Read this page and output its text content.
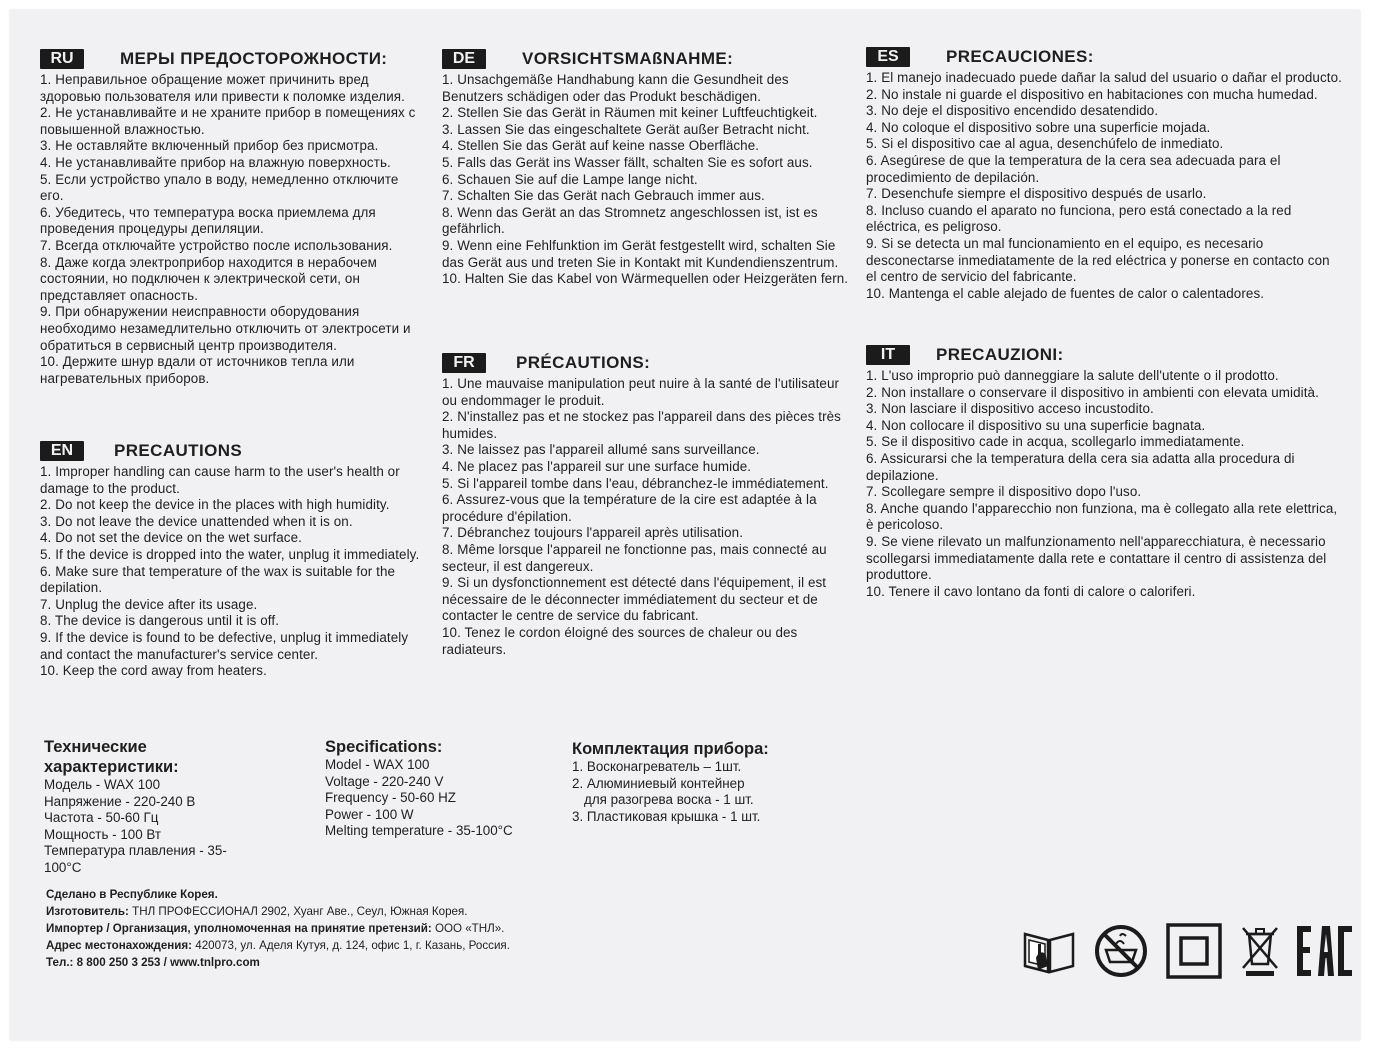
RU	МЕРЫ ПРЕДОСТОРОЖНОСТИ:
1. Неправильное обращение может причинить вред здоровью пользователя или привести к поломке изделия.
2. Не устанавливайте и не храните прибор в помещениях с повышенной влажностью.
3. Не оставляйте включенный прибор без присмотра.
4. Не устанавливайте прибор на влажную поверхность.
5. Если устройство упало в воду, немедленно отключите его.
6. Убедитесь, что температура воска приемлема для проведения процедуры депиляции.
7. Всегда отключайте устройство после использования.
8. Даже когда электроприбор находится в нерабочем состоянии, но подключен к электрической сети, он представляет опасность.
9. При обнаружении неисправности оборудования необходимо незамедлительно отключить от электросети и обратиться в сервисный центр производителя.
10. Держите шнур вдали от источников тепла или нагревательных приборов.
EN	PRECAUTIONS
1. Improper handling can cause harm to the user's health or damage to the product.
2. Do not keep the device in the places with high humidity.
3. Do not leave the device unattended when it is on.
4. Do not set the device on the wet surface.
5. If the device is dropped into the water, unplug it immediately.
6. Make sure that temperature of the wax is suitable for the depilation.
7. Unplug the device after its usage.
8. The device is dangerous until it is off.
9. If the device is found to be defective, unplug it immediately and contact the manufacturer's service center.
10. Keep the cord away from heaters.
DE	VORSICHTSMAßNAHME:
1. Unsachgemäße Handhabung kann die Gesundheit des Benutzers schädigen oder das Produkt beschädigen.
2. Stellen Sie das Gerät in Räumen mit keiner Luftfeuchtigkeit.
3. Lassen Sie das eingeschaltete Gerät außer Betracht nicht.
4. Stellen Sie das Gerät auf keine nasse Oberfläche.
5. Falls das Gerät ins Wasser fällt, schalten Sie es sofort aus.
6. Schauen Sie auf die Lampe lange nicht.
7. Schalten Sie das Gerät nach Gebrauch immer aus.
8. Wenn das Gerät an das Stromnetz angeschlossen ist, ist es gefährlich.
9. Wenn eine Fehlfunktion im Gerät festgestellt wird, schalten Sie das Gerät aus und treten Sie in Kontakt mit Kundendienszentrum.
10. Halten Sie das Kabel von Wärmequellen oder Heizgeräten fern.
FR	PRÉCAUTIONS:
1. Une mauvaise manipulation peut nuire à la santé de l'utilisateur ou endommager le produit.
2. N'installez pas et ne stockez pas l'appareil dans des pièces très humides.
3. Ne laissez pas l'appareil allumé sans surveillance.
4. Ne placez pas l'appareil sur une surface humide.
5. Si l'appareil tombe dans l'eau, débranchez-le immédiatement.
6. Assurez-vous que la température de la cire est adaptée à la procédure d'épilation.
7. Débranchez toujours l'appareil après utilisation.
8. Même lorsque l'appareil ne fonctionne pas, mais connecté au secteur, il est dangereux.
9. Si un dysfonctionnement est détecté dans l'équipement, il est nécessaire de le déconnecter immédiatement du secteur et de contacter le centre de service du fabricant.
10. Tenez le cordon éloigné des sources de chaleur ou des radiateurs.
ES	PRECAUCIONES:
1. El manejo inadecuado puede dañar la salud del usuario o dañar el producto.
2. No instale ni guarde el dispositivo en habitaciones con mucha humedad.
3. No deje el dispositivo encendido desatendido.
4. No coloque el dispositivo sobre una superficie mojada.
5. Si el dispositivo cae al agua, desenchúfelo de inmediato.
6. Asegúrese de que la temperatura de la cera sea adecuada para el procedimiento de depilación.
7. Desenchufe siempre el dispositivo después de usarlo.
8. Incluso cuando el aparato no funciona, pero está conectado a la red eléctrica, es peligroso.
9. Si se detecta un mal funcionamiento en el equipo, es necesario desconectarse inmediatamente de la red eléctrica y ponerse en contacto con el centro de servicio del fabricante.
10. Mantenga el cable alejado de fuentes de calor o calentadores.
IT	PRECAUZIONI:
1. L'uso improprio può danneggiare la salute dell'utente o il prodotto.
2. Non installare o conservare il dispositivo in ambienti con elevata umidità.
3. Non lasciare il dispositivo acceso incustodito.
4. Non collocare il dispositivo su una superficie bagnata.
5. Se il dispositivo cade in acqua, scollegarlo immediatamente.
6. Assicurarsi che la temperatura della cera sia adatta alla procedura di depilazione.
7. Scollegare sempre il dispositivo dopo l'uso.
8. Anche quando l'apparecchio non funziona, ma è collegato alla rete elettrica, è pericoloso.
9. Se viene rilevato un malfunzionamento nell'apparecchiatura, è necessario scollegarsi immediatamente dalla rete e contattare il centro di assistenza del produttore.
10. Tenere il cavo lontano da fonti di calore o caloriferi.
Технические характеристики:
Модель - WAX 100
Напряжение - 220-240 В
Частота - 50-60 Гц
Мощность - 100 Вт
Температура плавления - 35-100°C
Specifications:
Model - WAX 100
Voltage - 220-240 V
Frequency - 50-60 HZ
Power - 100 W
Melting temperature - 35-100°C
Комплектация прибора:
1. Воскoнагреватель – 1шт.
2. Алюминиевый контейнер
для разогрева воска - 1 шт.
3. Пластиковая крышка - 1 шт.
Сделано в Республике Корея.
Изготовитель: ТНЛ ПРОФЕССИОНАЛ 2902, Хуанг Аве., Сеул, Южная Корея.
Импортер / Организация, уполномоченная на принятие претензий: ООО «ТНЛ».
Адрес местонахождения: 420073, ул. Аделя Кутуя, д. 124, офис 1, г. Казань, Россия.
Тел.: 8 800 250 3 253 / www.tnlpro.com
